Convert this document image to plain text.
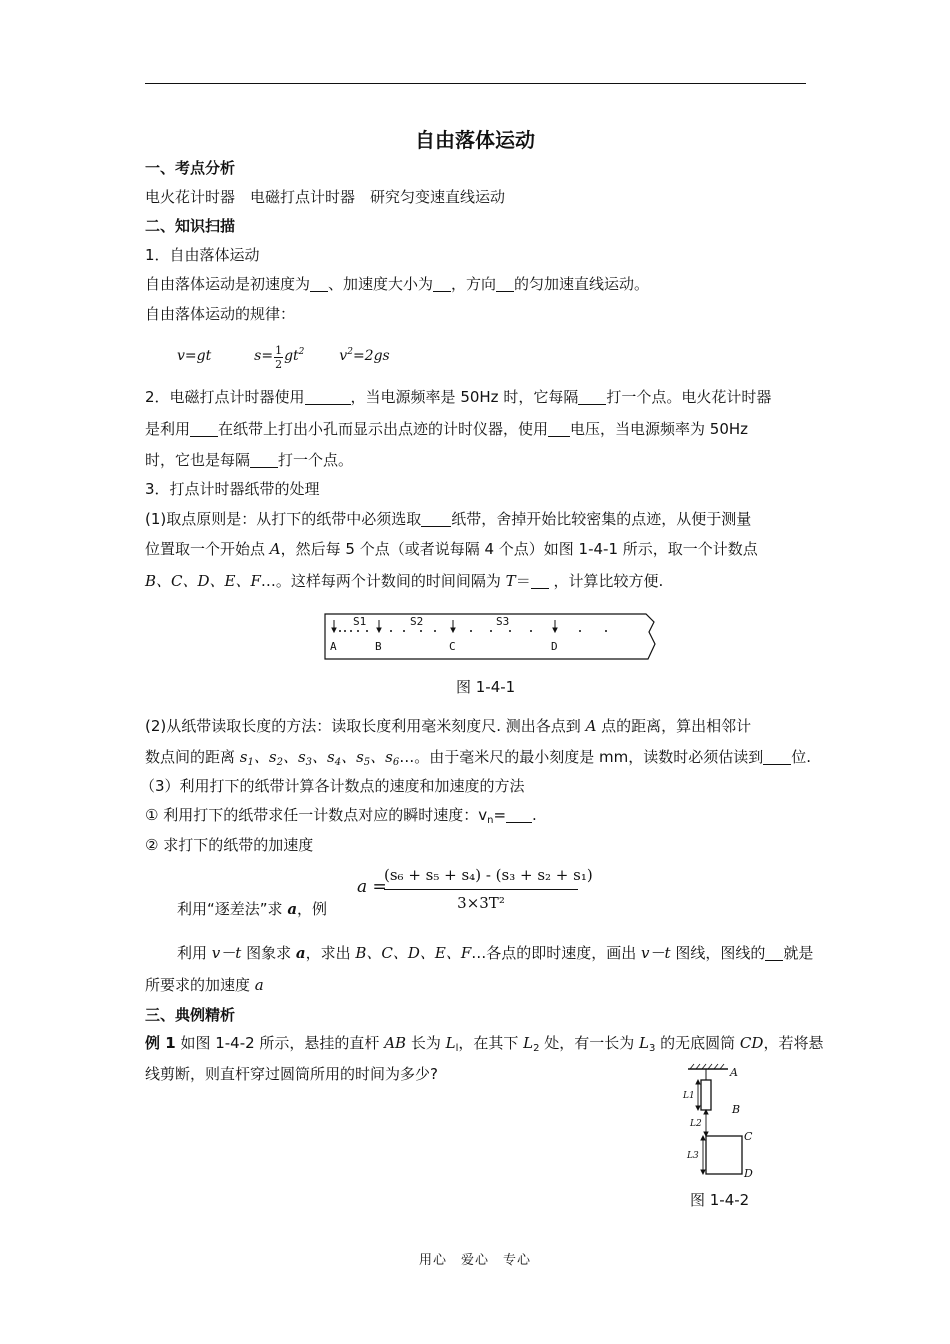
自由落体运动
一、考点分析
电火花计时器　电磁打点计时器　研究匀变速直线运动
二、知识扫描
1．自由落体运动
自由落体运动是初速度为 、加速度大小为 ，方向 的匀加速直线运动。
自由落体运动的规律：
v=gt	$s= \frac{1}{2} gt^2$ $v^2=2gs$
2．电磁打点计时器使用	，当电源频率是 50Hz 时，它每隔 打一个点。电火花计时器
是利用 在纸带上打出小孔而显示出点迹的计时仪器，使用 电压，当电源频率为 50Hz
时，它也是每隔 打一个点。
3．打点计时器纸带的处理
(1)取点原则是：从打下的纸带中必须选取 纸带，舍掉开始比较密集的点迹，从便于测量
位置取一个开始点 A，然后每 5 个点（或者说每隔 4 个点）如图 1-4-1 所示，取一个计数点
B、C、D、E、F…。这样每两个计数间的时间间隔为 T＝ ，计算比较方便.
A	B	C	D
S1	S2	S3
图 1-4-1
(2)从纸带读取长度的方法：读取长度利用毫米刻度尺. 测出各点到 A 点的距离，算出相邻计
数点间的距离 $s_1$、$s_2$、$s_3$、$s_4$、$s_5$、$s_6\dots$。由于毫米尺的最小刻度是 mm，读数时必须估读到 位.
（3）利用打下的纸带计算各计数点的速度和加速度的方法
① 利用打下的纸带求任一计数点对应的瞬时速度：$v_n=$ .
② 求打下的纸带的加速度
利用“逐差法”求 a，例
a =
(s₆ + s₅ + s₄) - (s₃ + s₂ + s₁)
3×3T²
利用 v－t 图象求 a，求出 B、C、D、E、F…各点的即时速度，画出 v－t 图线，图线的 就是
所要求的加速度 a
三、典例精析
例 1 如图 1-4-2 所示，悬挂的直杆 AB 长为 $L_l$，在其下 $L_2$ 处，有一长为 $L_3$ 的无底圆筒 CD，若将悬
线剪断，则直杆穿过圆筒所用的时间为多少?	A
B
C
D
L1
L2
L3
图 1-4-2
用心　爱心　专心
